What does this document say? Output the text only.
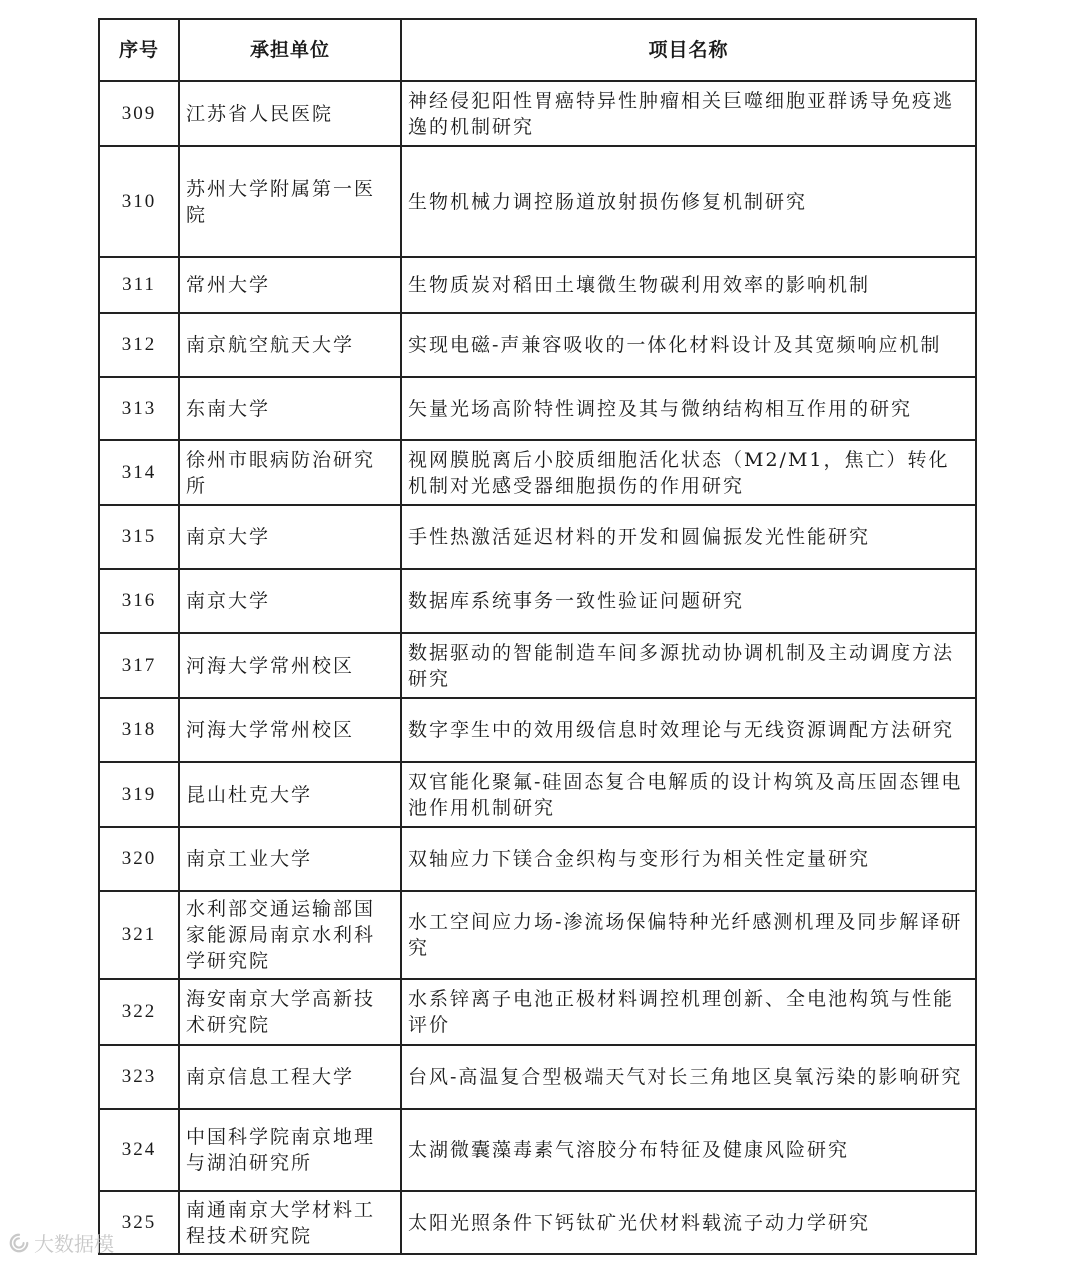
序号	承担单位	项目名称
309	江苏省人民医院	神经侵犯阳性胃癌特异性肿瘤相关巨噬细胞亚群诱导免疫逃逸的机制研究
310	苏州大学附属第一医院	生物机械力调控肠道放射损伤修复机制研究
311	常州大学	生物质炭对稻田土壤微生物碳利用效率的影响机制
312	南京航空航天大学	实现电磁-声兼容吸收的一体化材料设计及其宽频响应机制
313	东南大学	矢量光场高阶特性调控及其与微纳结构相互作用的研究
314	徐州市眼病防治研究所	视网膜脱离后小胶质细胞活化状态（M2/M1，焦亡）转化机制对光感受器细胞损伤的作用研究
315	南京大学	手性热激活延迟材料的开发和圆偏振发光性能研究
316	南京大学	数据库系统事务一致性验证问题研究
317	河海大学常州校区	数据驱动的智能制造车间多源扰动协调机制及主动调度方法研究
318	河海大学常州校区	数字孪生中的效用级信息时效理论与无线资源调配方法研究
319	昆山杜克大学	双官能化聚氟-硅固态复合电解质的设计构筑及高压固态锂电池作用机制研究
320	南京工业大学	双轴应力下镁合金织构与变形行为相关性定量研究
321	水利部交通运输部国家能源局南京水利科学研究院	水工空间应力场-渗流场保偏特种光纤感测机理及同步解译研究
322	海安南京大学高新技术研究院	水系锌离子电池正极材料调控机理创新、全电池构筑与性能评价
323	南京信息工程大学	台风-高温复合型极端天气对长三角地区臭氧污染的影响研究
324	中国科学院南京地理与湖泊研究所	太湖微囊藻毒素气溶胶分布特征及健康风险研究
325	南通南京大学材料工程技术研究院	太阳光照条件下钙钛矿光伏材料载流子动力学研究
大数据模
